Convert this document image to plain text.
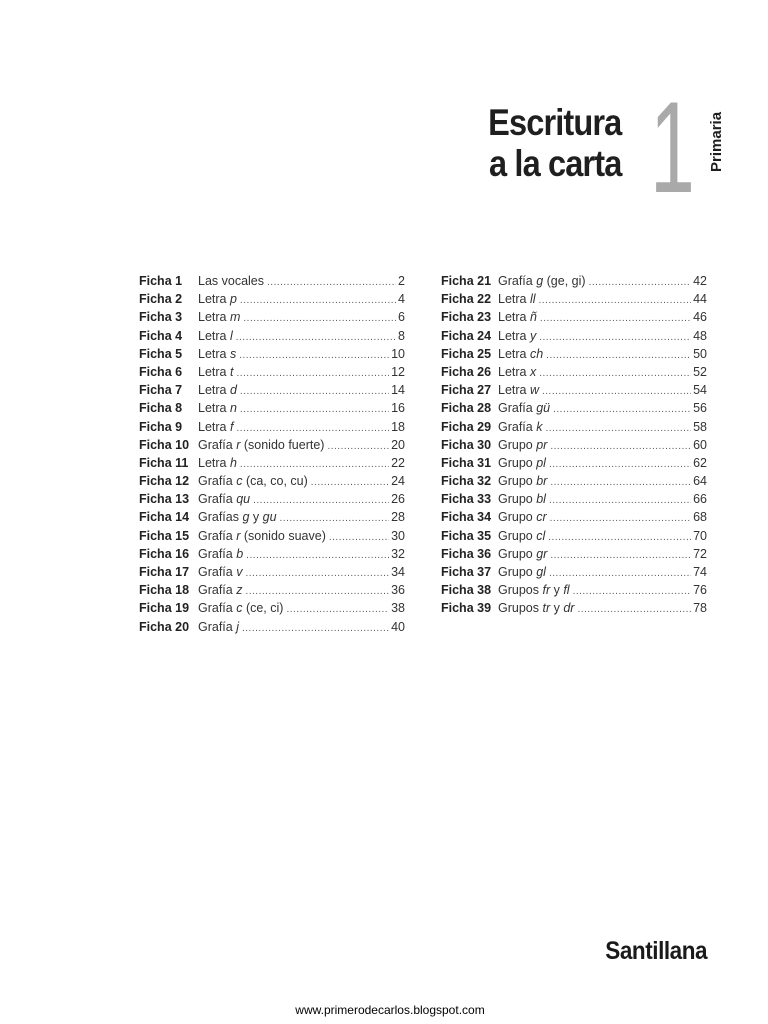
Escritura
a la carta 1 Primaria
Ficha 1	Las vocales .....	2
Ficha 2	Letra p .....	4
Ficha 3	Letra m .....	6
Ficha 4	Letra l .....	8
Ficha 5	Letra s .....	10
Ficha 6	Letra t .....	12
Ficha 7	Letra d .....	14
Ficha 8	Letra n .....	16
Ficha 9	Letra f .....	18
Ficha 10 Grafía r (sonido fuerte) .....	20
Ficha 11 Letra h .....	22
Ficha 12 Grafía c (ca, co, cu) .....	24
Ficha 13 Grafía qu .....	26
Ficha 14 Grafías g y gu .....	28
Ficha 15 Grafía r (sonido suave) .....	30
Ficha 16 Grafía b .....	32
Ficha 17 Grafía v .....	34
Ficha 18 Grafía z .....	36
Ficha 19 Grafía c (ce, ci) .....	38
Ficha 20 Grafía j .....	40
Ficha 21 Grafía g (ge, gi) .....	42
Ficha 22 Letra ll .....	44
Ficha 23 Letra ñ .....	46
Ficha 24 Letra y .....	48
Ficha 25 Letra ch .....	50
Ficha 26 Letra x .....	52
Ficha 27 Letra w .....	54
Ficha 28 Grafía gü .....	56
Ficha 29 Grafía k .....	58
Ficha 30 Grupo pr .....	60
Ficha 31 Grupo pl .....	62
Ficha 32 Grupo br .....	64
Ficha 33 Grupo bl .....	66
Ficha 34 Grupo cr .....	68
Ficha 35 Grupo cl .....	70
Ficha 36 Grupo gr .....	72
Ficha 37 Grupo gl .....	74
Ficha 38 Grupos fr y fl .....	76
Ficha 39 Grupos tr y dr .....	78
Santillana
www.primerodecarlos.blogspot.com
